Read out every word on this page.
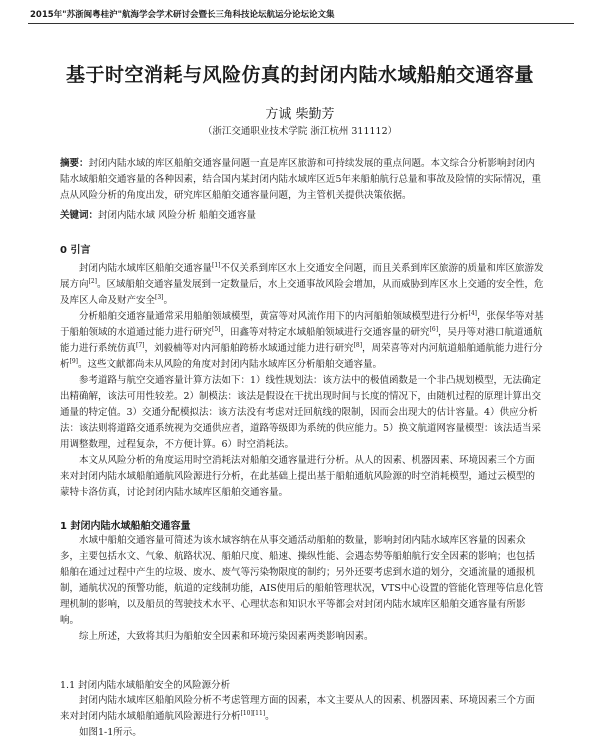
2015年"苏浙闽粤桂沪"航海学会学术研讨会暨长三角科技论坛航运分论坛论文集
基于时空消耗与风险仿真的封闭内陆水域船舶交通容量
方诚 柴勤芳
（浙江交通职业技术学院 浙江杭州 311112）
摘要：封闭内陆水域的库区船舶交通容量问题一直是库区旅游和可持续发展的重点问题。本文综合分析影响封闭内陆水域船舶交通容量的各种因素，结合国内某封闭内陆水域库区近5年来船舶航行总量和事故及险情的实际情况，重点从风险分析的角度出发，研究库区船舶交通容量问题，为主管机关提供决策依据。
关键词：封闭内陆水域 风险分析 船舶交通容量
0 引言

封闭内陆水域库区船舶交通容量[1]不仅关系到库区水上交通安全问题，而且关系到库区旅游的质量和库区旅游发展方向[2]。区域船舶交通容量发展到一定数量后，水上交通事故风险会增加，从而威胁到库区水上交通的安全性，危及库区人命及财产安全[3]。

分析船舶交通容量通常采用船舶领域模型，黄富等对风流作用下的内河船舶领域模型进行分析[4]，张保华等对基于船舶领域的水道通过能力进行研究[5]，田鑫等对特定水域船舶领域进行交通容量的研究[6]，吴丹等对港口航道通航能力进行系统仿真[7]，刘毅楠等对内河船舶跨桥水域通过能力进行研究[8]，周荣喜等对内河航道船舶通航能力进行分析[9]。这些文献都尚未从风险的角度对封闭内陆水域库区分析船舶交通容量。

参考道路与航空交通容量计算方法如下：1）线性规划法：该方法中的极值函数是一个非凸规划模型，无法确定出精确解，该法可用性较差。2）制模法：该法是假设在干扰出现时间与长度的情况下，由随机过程的原理计算出交通量的特定值。3）交通分配模拟法：该方法没有考虑对迁回航线的限制，因而会出现大的估计容量。4）供应分析法：该法则将道路交通系统视为交通供应者，道路等级即为系统的供应能力。5）换文航道网容量模型：该法适当采用调整数理，过程复杂，不方便计算。6）时空消耗法。

本文从风险分析的角度运用时空消耗法对船舶交通容量进行分析。从人的因素、机器因素、环境因素三个方面来对封闭内陆水域船舶通航风险源进行分析，在此基础上提出基于船舶通航风险源的时空消耗模型，通过云模型的蒙特卡洛仿真，讨论封闭内陆水域库区船舶交通容量。

1 封闭内陆水域船舶交通容量

水域中船舶交通容量可简述为该水域容纳在从事交通活动船舶的数量，影响封闭内陆水域库区容量的因素众多，主要包括水文、气象、航路状况、船舶尺度、船速、操纵性能、会遇态势等船舶航行安全因素的影响；也包括船舶在通过过程中产生的垃圾、废水、废气等污染物限度的制约；另外还要考虑到水道的划分，交通流量的通报机制，通航状况的预警功能，航道的定线制功能，AIS使用后的船舶管理状况，VTS中心设置的管能化管理等信息化管理机制的影响，以及船员的驾驶技术水平、心理状态和知识水平等都会对封闭内陆水域库区船舶交通容量有所影响。

综上所述，大致将其归为船舶安全因素和环境污染因素两类影响因素。

1.1 封闭内陆水域船舶安全的风险源分析

封闭内陆水域库区船舶风险分析不考虑管理方面的因素，本文主要从人的因素、机器因素、环境因素三个方面来对封闭内陆水域船舶通航风险源进行分析[10][11]。

如图1-1所示。
